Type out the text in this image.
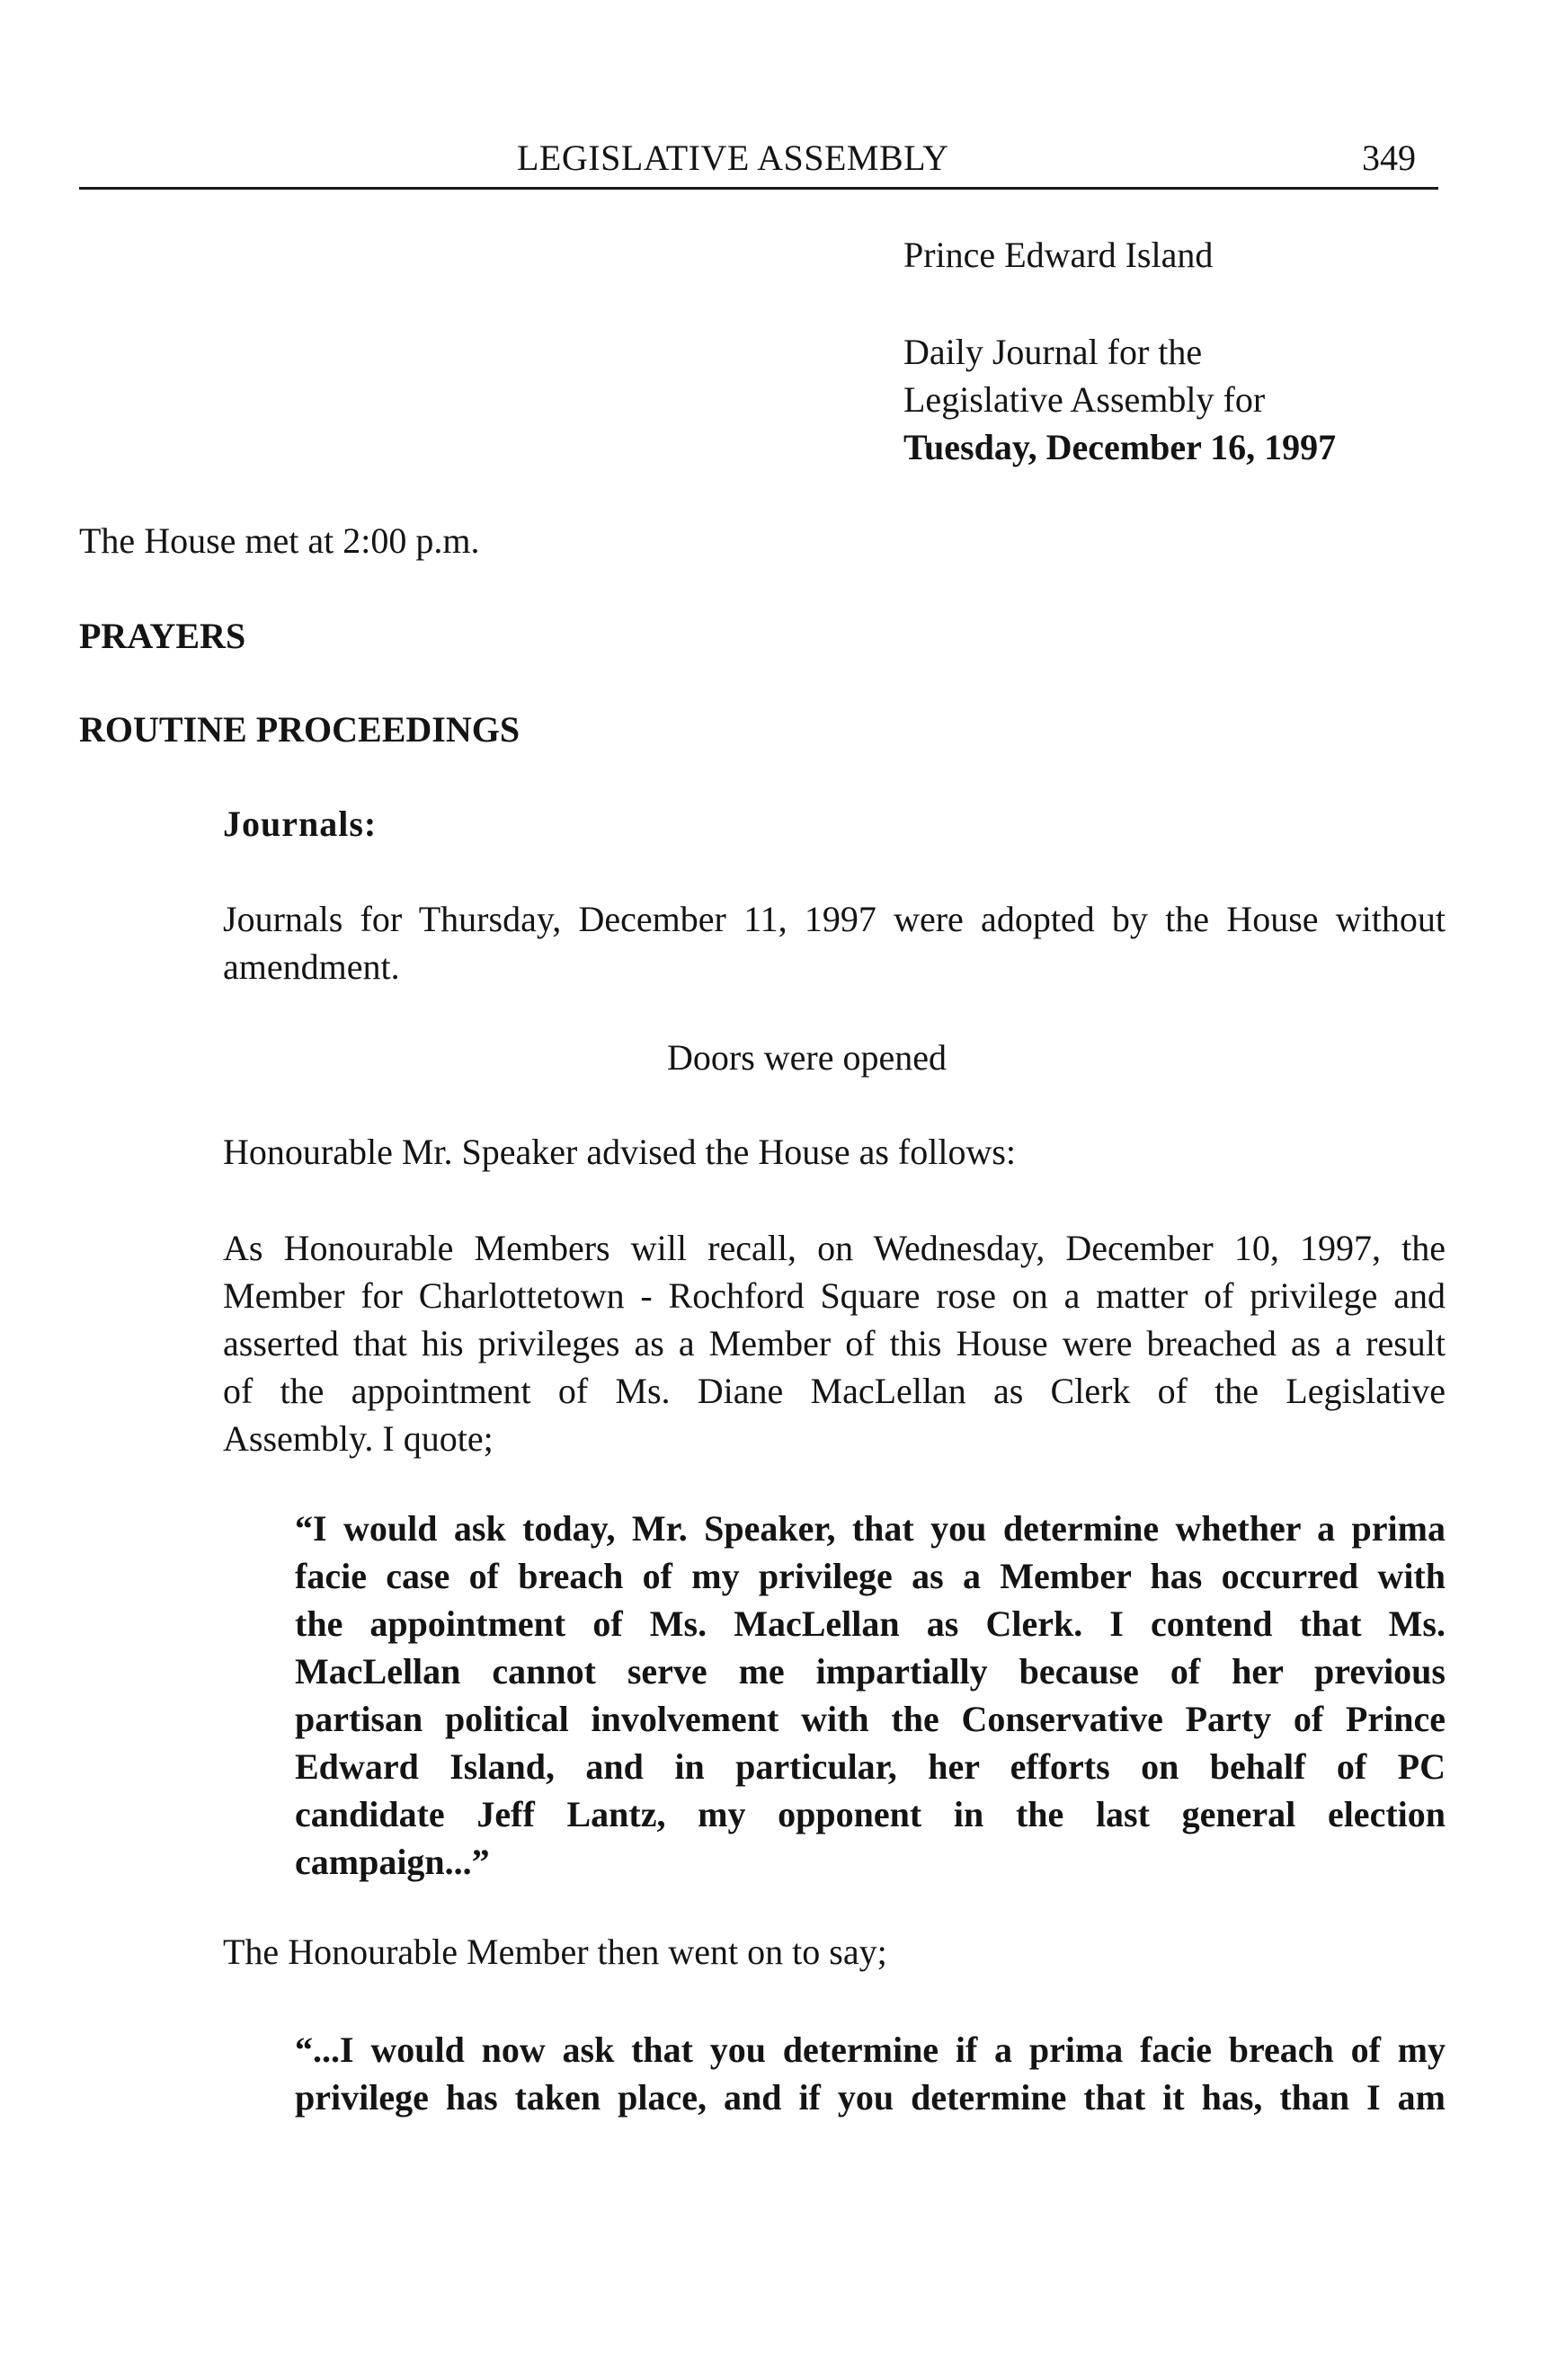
LEGISLATIVE ASSEMBLY	349
Prince Edward Island
Daily Journal for the
Legislative Assembly for
Tuesday, December 16, 1997
The House met at 2:00 p.m.
PRAYERS
ROUTINE PROCEEDINGS
Journals:
Journals for Thursday, December 11, 1997 were adopted by the House without
amendment.
Doors were opened
Honourable Mr. Speaker advised the House as follows:
As Honourable Members will recall, on Wednesday, December 10, 1997, the
Member for Charlottetown - Rochford Square rose on a matter of privilege and
asserted that his privileges as a Member of this House were breached as a result
of the appointment of Ms. Diane MacLellan as Clerk of the Legislative
Assembly. I quote;
“I would ask today, Mr. Speaker, that you determine whether a prima
facie case of breach of my privilege as a Member has occurred with
the appointment of Ms. MacLellan as Clerk. I contend that Ms.
MacLellan cannot serve me impartially because of her previous
partisan political involvement with the Conservative Party of Prince
Edward Island, and in particular, her efforts on behalf of PC
candidate Jeff Lantz, my opponent in the last general election
campaign...”
The Honourable Member then went on to say;
“...I would now ask that you determine if a prima facie breach of my
privilege has taken place, and if you determine that it has, than I am
